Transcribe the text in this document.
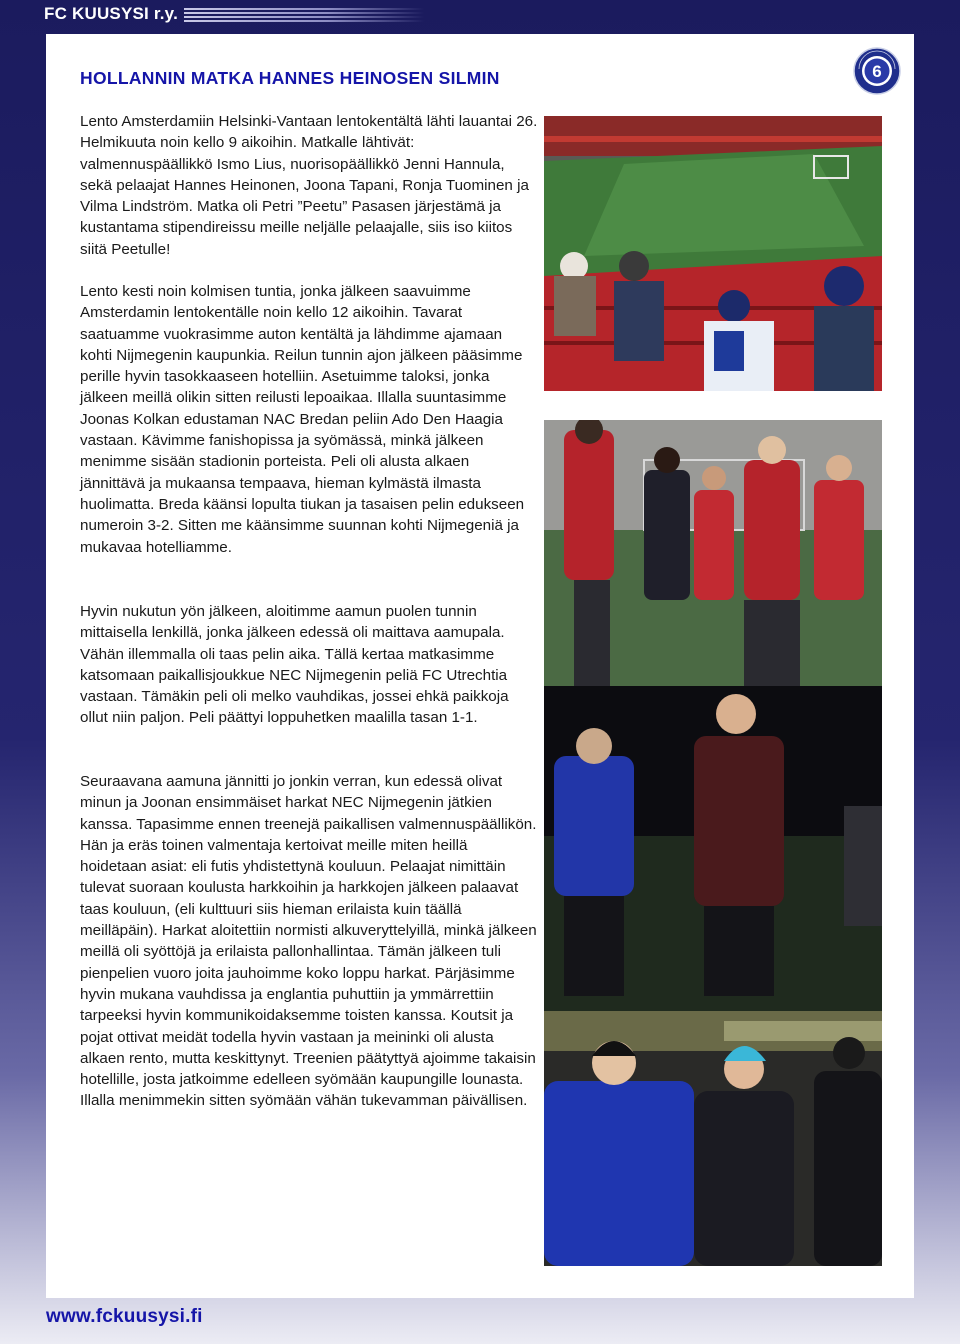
FC KUUSYSI r.y.
6
HOLLANNIN MATKA HANNES HEINOSEN SILMIN

Lento Amsterdamiin Helsinki-Vantaan lentokentältä lähti lauantai 26. Helmikuuta noin kello 9 aikoihin. Matkalle lähtivät: valmennuspäällikkö Ismo Lius, nuorisopäällikkö Jenni Hannula, sekä pelaajat Hannes Heinonen, Joona Tapani, Ronja Tuominen ja Vilma Lindström. Matka oli Petri ”Peetu” Pasasen järjestämä ja kustantama stipendireissu meille neljälle pelaajalle, siis iso kiitos siitä Peetulle!

Lento kesti noin kolmisen tuntia, jonka jälkeen saavuimme Amsterdamin lentokentälle noin kello 12 aikoihin. Tavarat saatuamme vuokrasimme auton kentältä ja lähdimme ajamaan kohti Nijmegenin kaupunkia. Reilun tunnin ajon jälkeen pääsimme perille hyvin tasokkaaseen hotelliin. Asetuimme taloksi, jonka jälkeen meillä olikin sitten reilusti lepoaikaa. Illalla suuntasimme Joonas Kolkan edustaman NAC Bredan peliin Ado Den Haagia vastaan. Kävimme fanishopissa ja syömässä, minkä jälkeen menimme sisään stadionin porteista. Peli oli alusta alkaen jännittävä ja mukaansa tempaava, hieman kylmästä ilmasta huolimatta. Breda käänsi lopulta tiukan ja tasaisen pelin edukseen numeroin 3-2. Sitten me käänsimme suunnan kohti Nijmegeniä ja mukavaa hotelliamme.

Hyvin nukutun yön jälkeen, aloitimme aamun puolen tunnin mittaisella lenkillä, jonka jälkeen edessä oli maittava aamupala. Vähän illemmalla oli taas pelin aika. Tällä kertaa matkasimme katsomaan paikallisjoukkue NEC Nijmegenin peliä FC Utrechtia vastaan. Tämäkin peli oli melko vauhdikas, jossei ehkä paikkoja ollut niin paljon. Peli päättyi loppuhetken maalilla tasan 1-1.

Seuraavana aamuna jännitti jo jonkin verran, kun edessä olivat minun ja Joonan ensimmäiset harkat NEC Nijmegenin jätkien kanssa. Tapasimme ennen treenejä paikallisen valmennuspäällikön. Hän ja eräs toinen valmentaja kertoivat meille miten heillä hoidetaan asiat: eli futis yhdistettynä kouluun. Pelaajat nimittäin tulevat suoraan koulusta harkkoihin ja harkkojen jälkeen palaavat taas kouluun, (eli kulttuuri siis hieman erilaista kuin täällä meilläpäin). Harkat aloitettiin normisti alkuveryttelyillä, minkä jälkeen meillä oli syöttöjä ja erilaista pallonhallintaa. Tämän jälkeen tuli pienpelien vuoro joita jauhoimme koko loppu harkat. Pärjäsimme hyvin mukana vauhdissa ja englantia puhuttiin ja ymmärrettiin tarpeeksi hyvin kommunikoidaksemme toisten kanssa. Koutsit ja pojat ottivat meidät todella hyvin vastaan ja meininki oli alusta alkaen rento, mutta keskittynyt. Treenien päätyttyä ajoimme takaisin hotellille, josta jatkoimme edelleen syömään kaupungille lounasta. Illalla menimmekin sitten syömään vähän tukevamman päivällisen.

www.fckuusysi.fi
